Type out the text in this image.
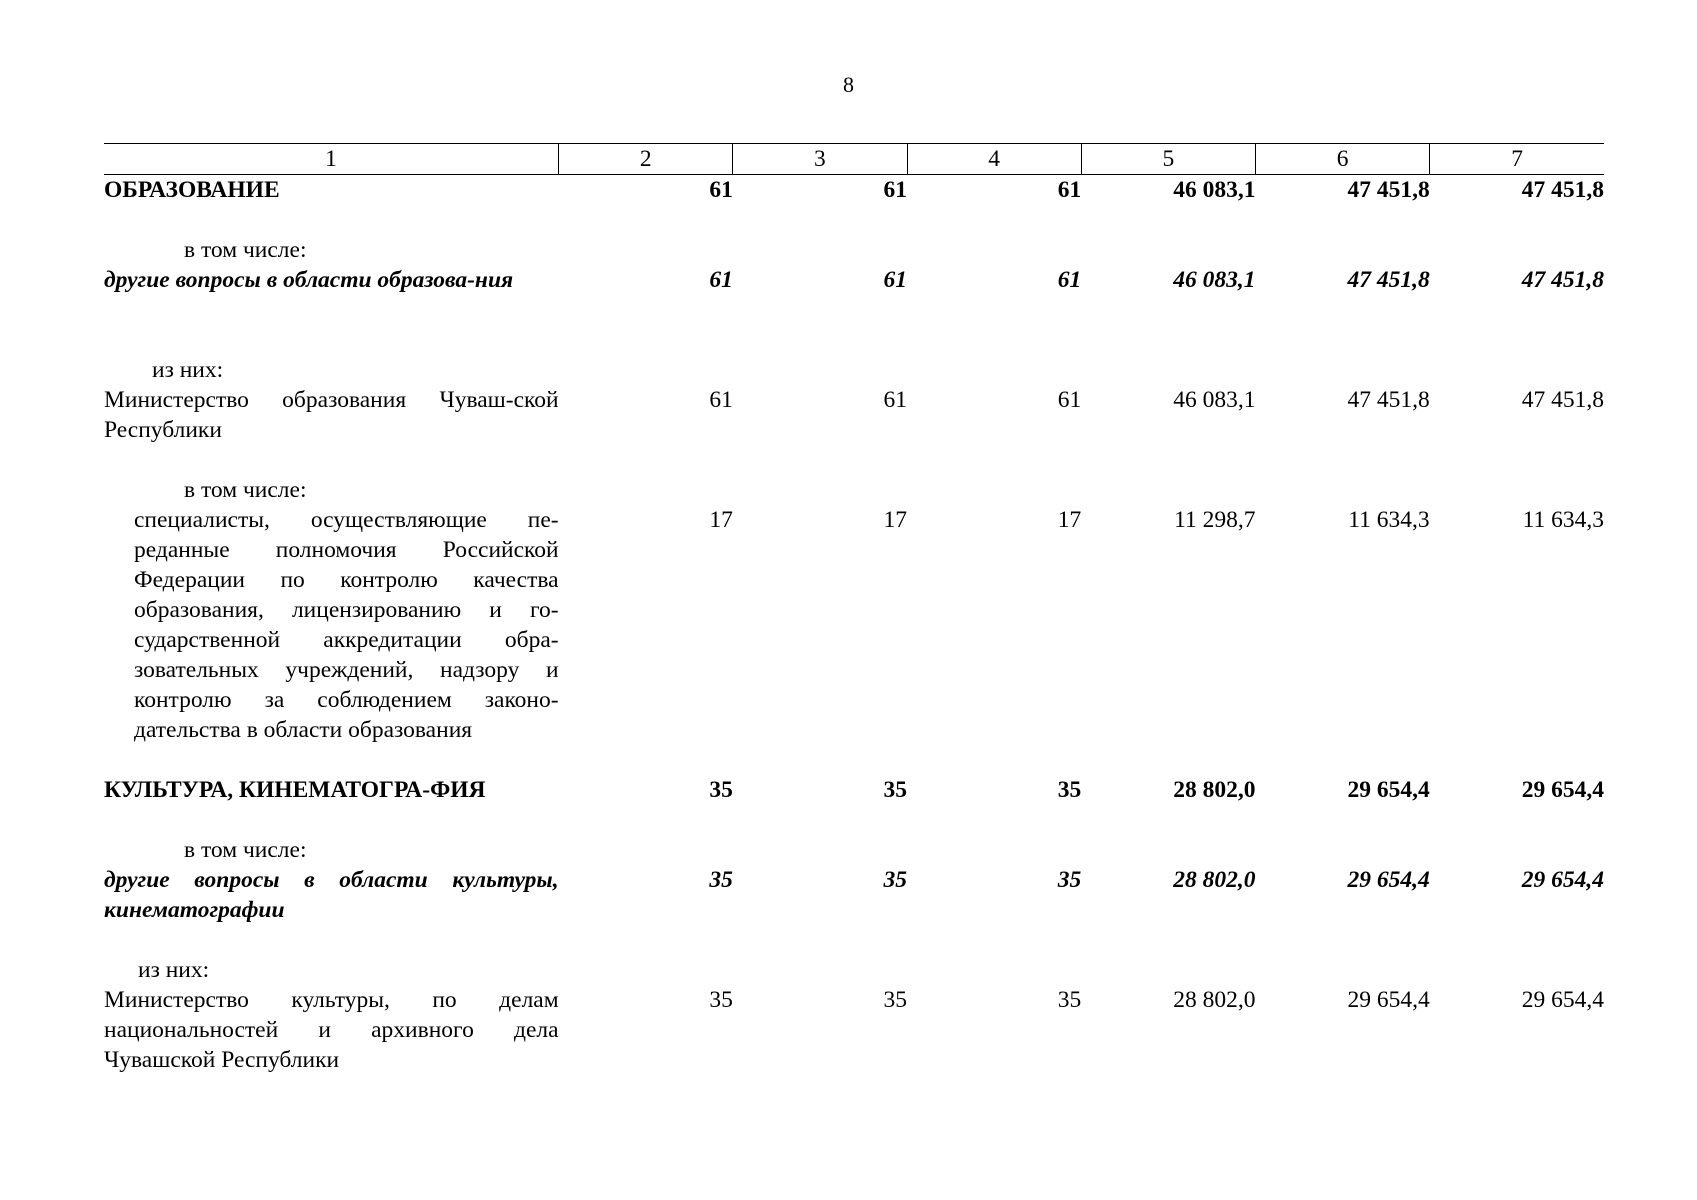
8
1	2	3	4	5	6	7
ОБРАЗОВАНИЕ	61	61	61	46 083,1	47 451,8	47 451,8

в том числе:						

другие вопросы в области образова-ния	61	61	61	46 083,1	47 451,8	47 451,8

из них:						

Министерство образования Чуваш-ской Республики	61	61	61	46 083,1	47 451,8	47 451,8

в том числе:						

специалисты, осуществляющие пе-реданные полномочия Российской Федерации по контролю качества образования, лицензированию и го-сударственной аккредитации обра-зовательных учреждений, надзору и контролю за соблюдением законо-дательства в области образования	17	17	17	11 298,7	11 634,3	11 634,3

КУЛЬТУРА, КИНЕМАТОГРА-ФИЯ	35	35	35	28 802,0	29 654,4	29 654,4

в том числе:						

другие вопросы в области культуры, кинематографии	35	35	35	28 802,0	29 654,4	29 654,4

из них:						

Министерство культуры, по делам национальностей и архивного дела Чувашской Республики	35	35	35	28 802,0	29 654,4	29 654,4
